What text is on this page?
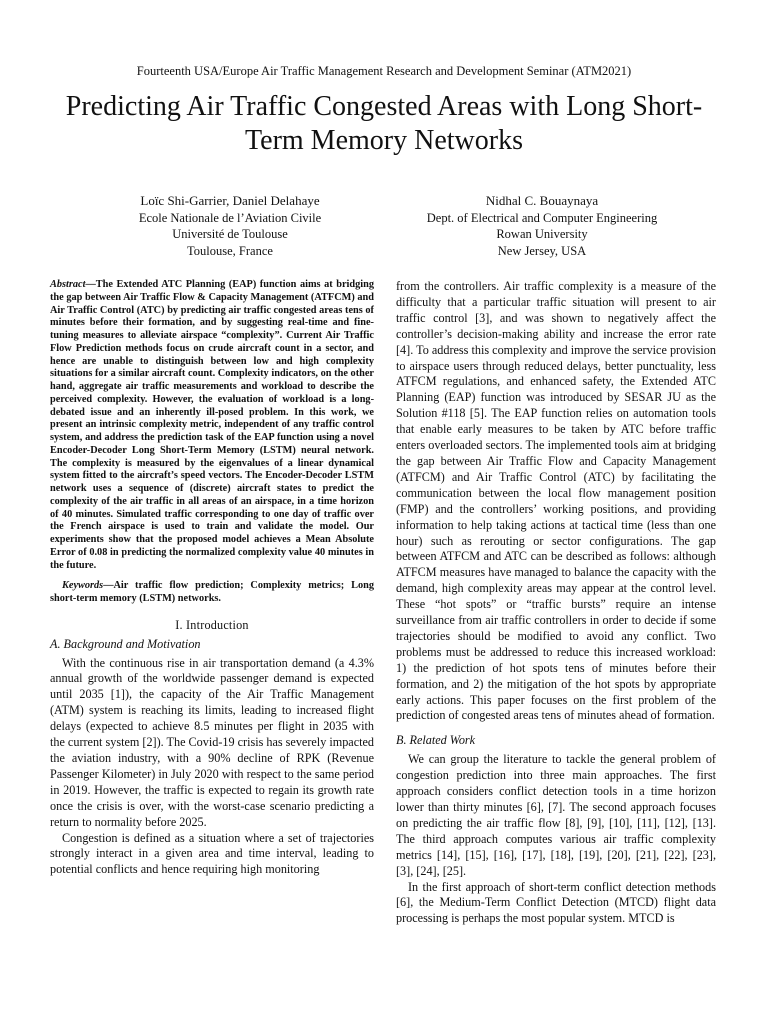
Fourteenth USA/Europe Air Traffic Management Research and Development Seminar (ATM2021)
Predicting Air Traffic Congested Areas with Long Short-Term Memory Networks
Loïc Shi-Garrier, Daniel Delahaye
Ecole Nationale de l’Aviation Civile
Université de Toulouse
Toulouse, France
Nidhal C. Bouaynaya
Dept. of Electrical and Computer Engineering
Rowan University
New Jersey, USA
Abstract—The Extended ATC Planning (EAP) function aims at bridging the gap between Air Traffic Flow & Capacity Management (ATFCM) and Air Traffic Control (ATC) by predicting air traffic congested areas tens of minutes before their formation, and by suggesting real-time and fine-tuning measures to alleviate airspace “complexity”. Current Air Traffic Flow Prediction methods focus on crude aircraft count in a sector, and hence are unable to distinguish between low and high complexity situations for a similar aircraft count. Complexity indicators, on the other hand, aggregate air traffic measurements and workload to describe the perceived complexity. However, the evaluation of workload is a long-debated issue and an inherently ill-posed problem. In this work, we present an intrinsic complexity metric, independent of any traffic control system, and address the prediction task of the EAP function using a novel Encoder-Decoder Long Short-Term Memory (LSTM) neural network. The complexity is measured by the eigenvalues of a linear dynamical system fitted to the aircraft’s speed vectors. The Encoder-Decoder LSTM network uses a sequence of (discrete) aircraft states to predict the complexity of the air traffic in all areas of an airspace, in a time horizon of 40 minutes. Simulated traffic corresponding to one day of traffic over the French airspace is used to train and validate the model. Our experiments show that the proposed model achieves a Mean Absolute Error of 0.08 in predicting the normalized complexity value 40 minutes in the future.
Keywords—Air traffic flow prediction; Complexity metrics; Long short-term memory (LSTM) networks.
I. Introduction
A. Background and Motivation

With the continuous rise in air transportation demand (a 4.3% annual growth of the worldwide passenger demand is expected until 2035 [1]), the capacity of the Air Traffic Management (ATM) system is reaching its limits, leading to increased flight delays (expected to achieve 8.5 minutes per flight in 2035 with the current system [2]). The Covid-19 crisis has severely impacted the aviation industry, with a 90% decline of RPK (Revenue Passenger Kilometer) in July 2020 with respect to the same period in 2019. However, the traffic is expected to regain its growth rate once the crisis is over, with the worst-case scenario predicting a return to normality before 2025.

Congestion is defined as a situation where a set of trajectories strongly interact in a given area and time interval, leading to potential conflicts and hence requiring high monitoring

from the controllers. Air traffic complexity is a measure of the difficulty that a particular traffic situation will present to air traffic control [3], and was shown to negatively affect the controller’s decision-making ability and increase the error rate [4]. To address this complexity and improve the service provision to airspace users through reduced delays, better punctuality, less ATFCM regulations, and enhanced safety, the Extended ATC Planning (EAP) function was introduced by SESAR JU as the Solution #118 [5]. The EAP function relies on automation tools that enable early measures to be taken by ATC before traffic enters overloaded sectors. The implemented tools aim at bridging the gap between Air Traffic Flow and Capacity Management (ATFCM) and Air Traffic Control (ATC) by facilitating the communication between the local flow management position (FMP) and the controllers’ working positions, and providing information to help taking actions at tactical time (less than one hour) such as rerouting or sector configurations. The gap between ATFCM and ATC can be described as follows: although ATFCM measures have managed to balance the capacity with the demand, high complexity areas may appear at the control level. These “hot spots” or “traffic bursts” require an intense surveillance from air traffic controllers in order to decide if some trajectories should be modified to avoid any conflict. Two problems must be addressed to reduce this increased workload: 1) the prediction of hot spots tens of minutes before their formation, and 2) the mitigation of the hot spots by appropriate early actions. This paper focuses on the first problem of the prediction of congested areas tens of minutes ahead of formation.

B. Related Work

We can group the literature to tackle the general problem of congestion prediction into three main approaches. The first approach considers conflict detection tools in a time horizon lower than thirty minutes [6], [7]. The second approach focuses on predicting the air traffic flow [8], [9], [10], [11], [12], [13]. The third approach computes various air traffic complexity metrics [14], [15], [16], [17], [18], [19], [20], [21], [22], [23], [3], [24], [25].

In the first approach of short-term conflict detection methods [6], the Medium-Term Conflict Detection (MTCD) flight data processing is perhaps the most popular system. MTCD is
